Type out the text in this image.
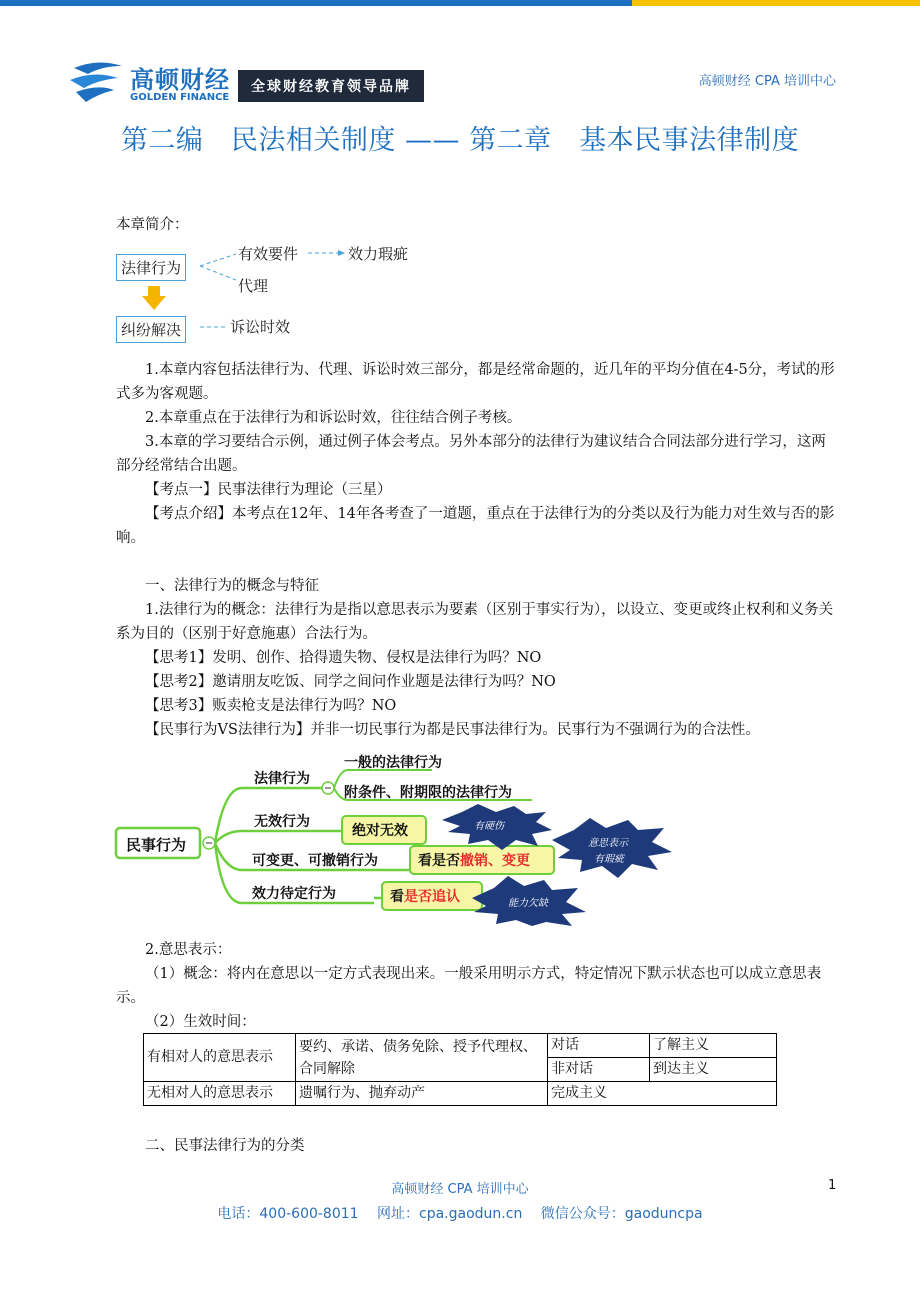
高顿财经
GOLDEN FINANCE
全球财经教育领导品牌	高顿财经 CPA 培训中心
第二编　民法相关制度 —— 第二章　基本民事法律制度
本章简介：
法律行为
有效要件	效力瑕疵
代理
纠纷解决	诉讼时效
1.本章内容包括法律行为、代理、诉讼时效三部分，都是经常命题的，近几年的平均分值在4-5分，考试的形式多为客观题。
2.本章重点在于法律行为和诉讼时效，往往结合例子考核。
3.本章的学习要结合示例，通过例子体会考点。另外本部分的法律行为建议结合合同法部分进行学习，这两部分经常结合出题。
【考点一】民事法律行为理论（三星）
【考点介绍】本考点在12年、14年各考查了一道题，重点在于法律行为的分类以及行为能力对生效与否的影响。
一、法律行为的概念与特征
1.法律行为的概念：法律行为是指以意思表示为要素（区别于事实行为），以设立、变更或终止权利和义务关系为目的（区别于好意施惠）合法行为。
【思考1】发明、创作、拾得遗失物、侵权是法律行为吗？NO
【思考2】邀请朋友吃饭、同学之间问作业题是法律行为吗？NO
【思考3】贩卖枪支是法律行为吗？NO
【民事行为VS法律行为】并非一切民事行为都是民事法律行为。民事行为不强调行为的合法性。
民事行为
法律行为
一般的法律行为
附条件、附期限的法律行为
无效行为
绝对无效
可变更、可撤销行为	看是否撤销、变更
效力待定行为	看是否追认
有硬伤
意思表示
有瑕疵
能力欠缺
2.意思表示：
（1）概念：将内在意思以一定方式表现出来。一般采用明示方式，特定情况下默示状态也可以成立意思表示。
（2）生效时间：
有相对人的意思表示	要约、承诺、债务免除、授予代理权、合同解除	对话	了解主义
		非对话	到达主义
无相对人的意思表示	遗嘱行为、抛弃动产	完成主义	
二、民事法律行为的分类
高顿财经 CPA 培训中心	1
电话：400-600-8011　 网址：cpa.gaodun.cn　 微信公众号：gaoduncpa
